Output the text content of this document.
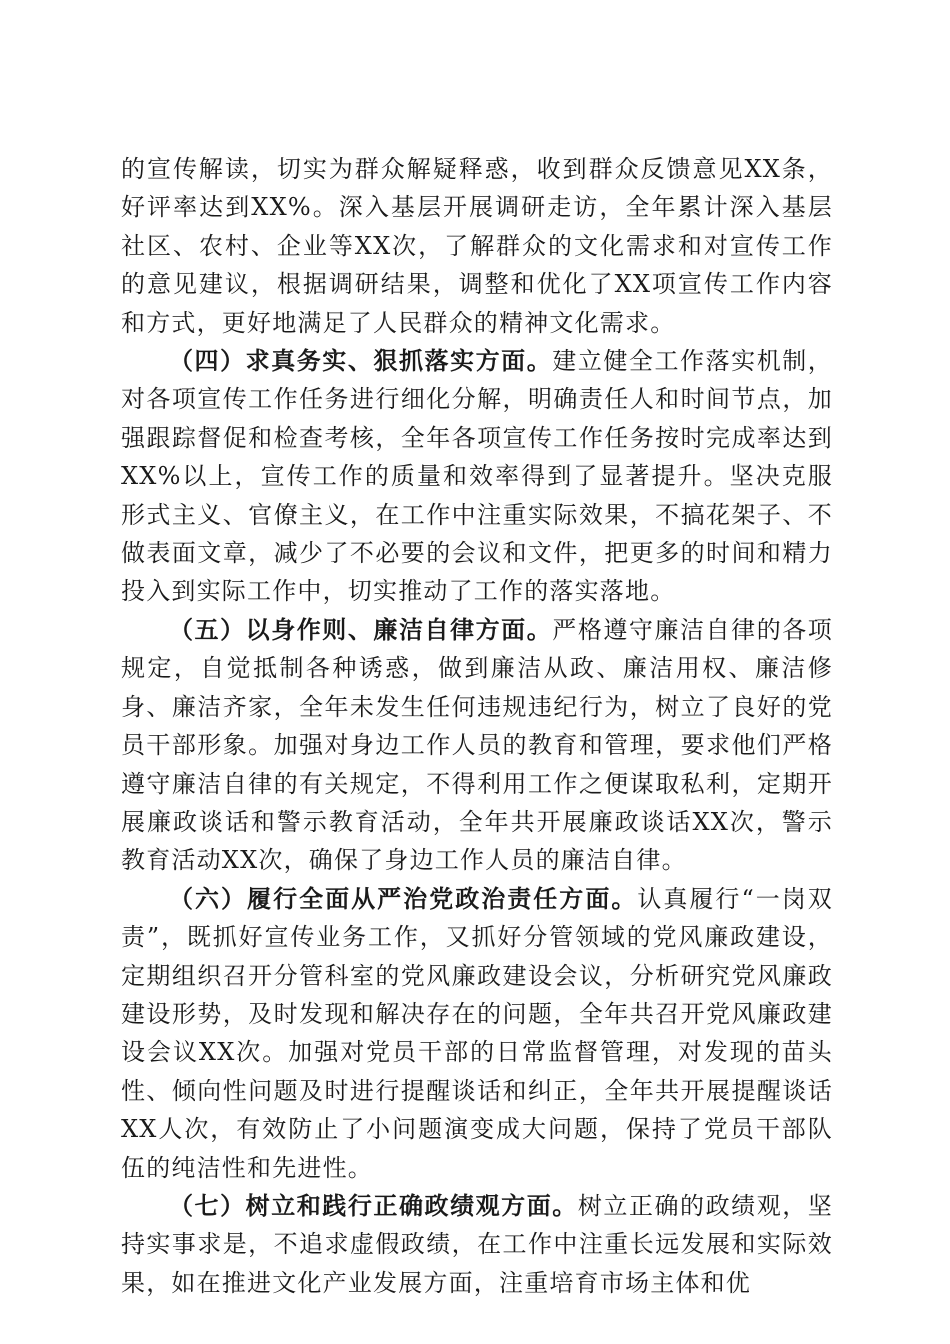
的宣传解读，切实为群众解疑释惑，收到群众反馈意见XX条，好评率达到XX%。深入基层开展调研走访，全年累计深入基层社区、农村、企业等XX次，了解群众的文化需求和对宣传工作的意见建议，根据调研结果，调整和优化了XX项宣传工作内容和方式，更好地满足了人民群众的精神文化需求。

（四）求真务实、狠抓落实方面。建立健全工作落实机制，对各项宣传工作任务进行细化分解，明确责任人和时间节点，加强跟踪督促和检查考核，全年各项宣传工作任务按时完成率达到XX%以上，宣传工作的质量和效率得到了显著提升。坚决克服形式主义、官僚主义，在工作中注重实际效果，不搞花架子、不做表面文章，减少了不必要的会议和文件，把更多的时间和精力投入到实际工作中，切实推动了工作的落实落地。

（五）以身作则、廉洁自律方面。严格遵守廉洁自律的各项规定，自觉抵制各种诱惑，做到廉洁从政、廉洁用权、廉洁修身、廉洁齐家，全年未发生任何违规违纪行为，树立了良好的党员干部形象。加强对身边工作人员的教育和管理，要求他们严格遵守廉洁自律的有关规定，不得利用工作之便谋取私利，定期开展廉政谈话和警示教育活动，全年共开展廉政谈话XX次，警示教育活动XX次，确保了身边工作人员的廉洁自律。

（六）履行全面从严治党政治责任方面。认真履行“一岗双责”，既抓好宣传业务工作，又抓好分管领域的党风廉政建设，定期组织召开分管科室的党风廉政建设会议，分析研究党风廉政建设形势，及时发现和解决存在的问题，全年共召开党风廉政建设会议XX次。加强对党员干部的日常监督管理，对发现的苗头性、倾向性问题及时进行提醒谈话和纠正，全年共开展提醒谈话XX人次，有效防止了小问题演变成大问题，保持了党员干部队伍的纯洁性和先进性。

（七）树立和践行正确政绩观方面。树立正确的政绩观，坚持实事求是，不追求虚假政绩，在工作中注重长远发展和实际效果，如在推进文化产业发展方面，注重培育市场主体和优
